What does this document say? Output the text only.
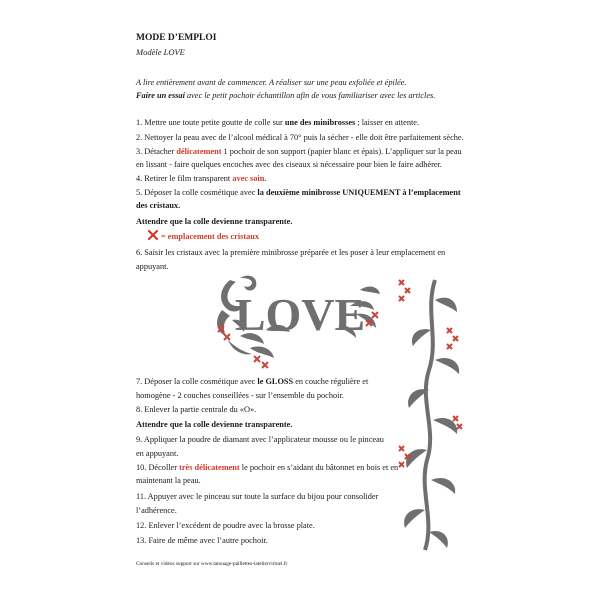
MODE D’EMPLOI
Modèle LOVE
A lire entièrement avant de commencer. A réaliser sur une peau exfoliée et épilée.
Faire un essai avec le petit pochoir échantillon afin de vous familiariser avec les articles.
1. Mettre une toute petite goutte de colle sur une des minibrosses ; laisser en attente.
2. Nettoyer la peau avec de l’alcool médical à 70° puis la sécher - elle doit être parfaitement sèche.
3. Détacher délicatement 1 pochoir de son support (papier blanc et épais). L’appliquer sur la peau
en lissant - faire quelques encoches avec des ciseaux si nécessaire pour bien le faire adhérer.
4. Retirer le film transparent avec soin.
5. Déposer la colle cosmétique avec la deuxième minibrosse UNIQUEMENT à l’emplacement
des cristaux.
Attendre que la colle devienne transparente.
= emplacement des cristaux
6. Saisir les cristaux avec la première minibrosse préparée et les poser à leur emplacement en
appuyant.
LOVE
7. Déposer la colle cosmétique avec le GLOSS en couche régulière et
homogène - 2 couches conseillées - sur l’ensemble du pochoir.
8. Enlever la partie centrale du «O».
Attendre que la colle devienne transparente.
9. Appliquer la poudre de diamant avec l’applicateur mousse ou le pinceau
en appuyant.
10. Décoller très délicatement le pochoir en s’aidant du bâtonnet en bois et en
maintenant la peau.
11. Appuyer avec le pinceau sur toute la surface du bijou pour consolider
l’adhérence.
12. Enlever l’excédent de poudre avec la brosse plate.
13. Faire de même avec l’autre pochoir.
Conseils et vidéos support sur www.tatouage-paillettes-lateliervirtuel.fr
